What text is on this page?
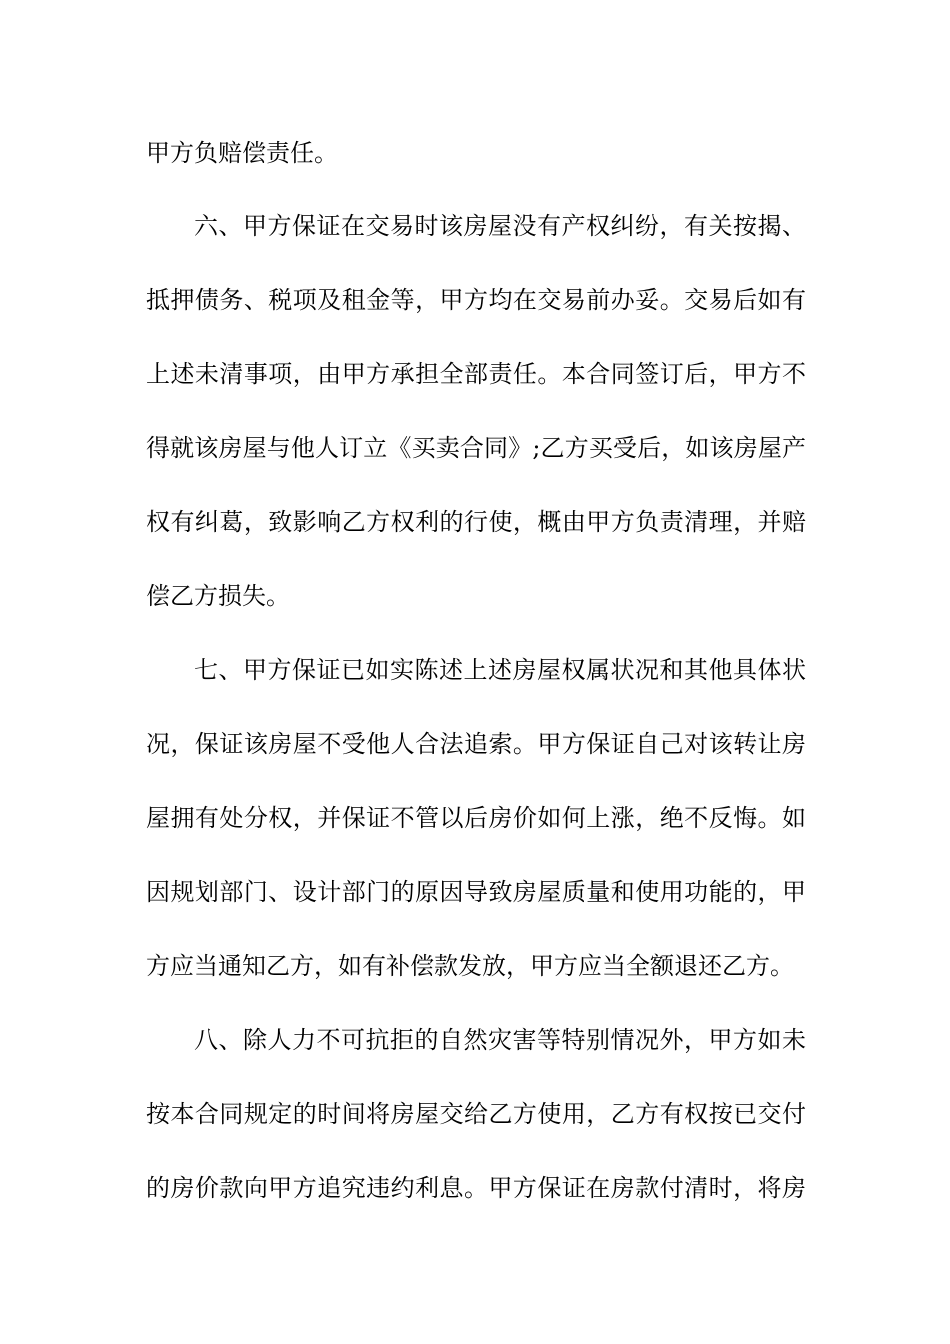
甲方负赔偿责任。
六、甲方保证在交易时该房屋没有产权纠纷，有关按揭、
抵押债务、税项及租金等，甲方均在交易前办妥。交易后如有
上述未清事项，由甲方承担全部责任。本合同签订后，甲方不
得就该房屋与他人订立《买卖合同》;乙方买受后，如该房屋产
权有纠葛，致影响乙方权利的行使，概由甲方负责清理，并赔
偿乙方损失。
七、甲方保证已如实陈述上述房屋权属状况和其他具体状
况，保证该房屋不受他人合法追索。甲方保证自己对该转让房
屋拥有处分权，并保证不管以后房价如何上涨，绝不反悔。如
因规划部门、设计部门的原因导致房屋质量和使用功能的，甲
方应当通知乙方，如有补偿款发放，甲方应当全额退还乙方。
八、除人力不可抗拒的自然灾害等特别情况外，甲方如未
按本合同规定的时间将房屋交给乙方使用，乙方有权按已交付
的房价款向甲方追究违约利息。甲方保证在房款付清时，将房
